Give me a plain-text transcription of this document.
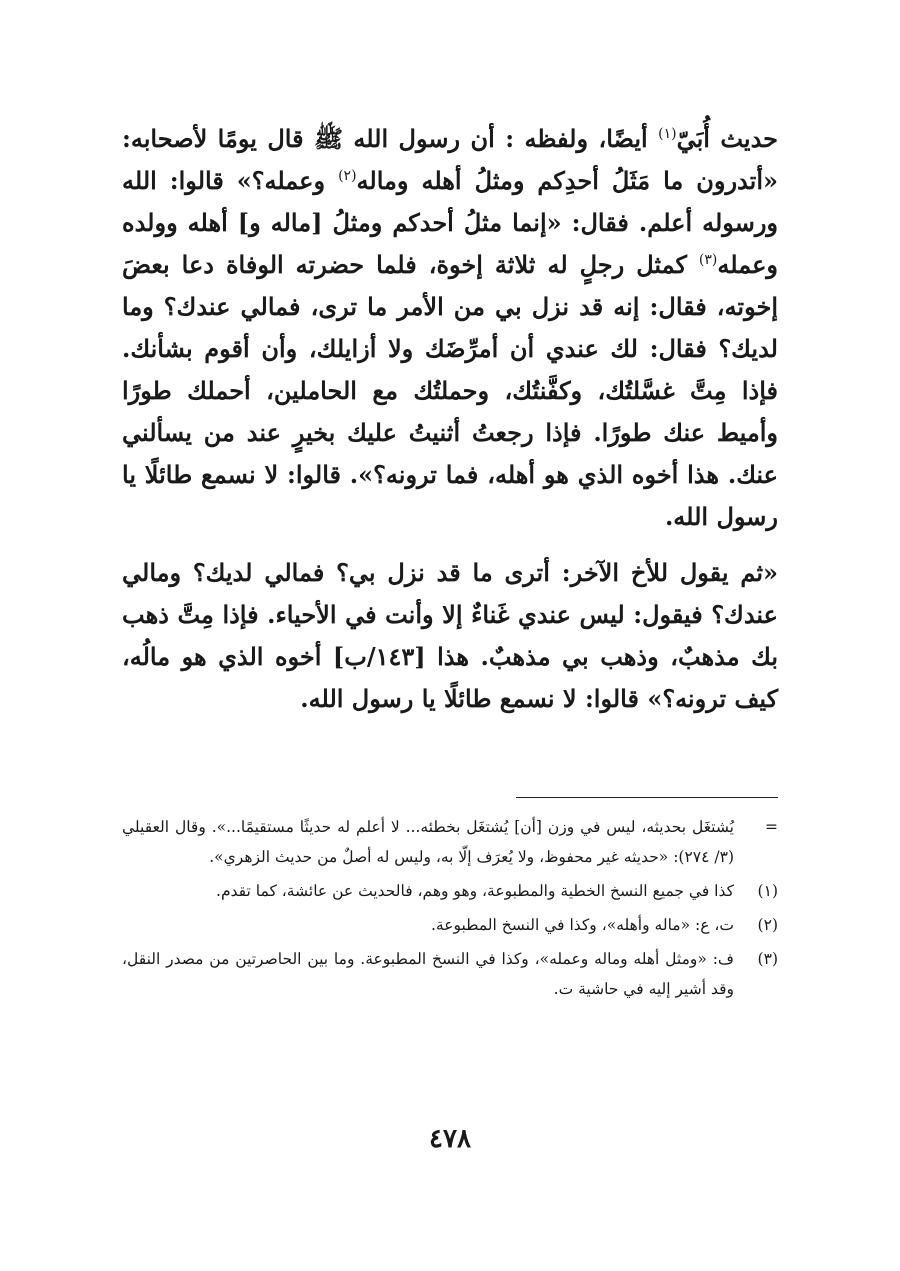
حديث أُبَيّ$^{(١)}$ أيضًا، ولفظه : أن رسول الله ﷺ قال يومًا لأصحابه: «أتدرون ما مَثَلُ أحدِكم ومثلُ أهله وماله$^{(٢)}$ وعمله؟» قالوا: الله ورسوله أعلم. فقال: «إنما مثلُ أحدكم ومثلُ [ماله و] أهله وولده وعمله$^{(٣)}$ كمثل رجلٍ له ثلاثة إخوة، فلما حضرته الوفاة دعا بعضَ إخوته، فقال: إنه قد نزل بي من الأمر ما ترى، فمالي عندك؟ وما لديك؟ فقال: لك عندي أن أمرِّضَك ولا أزايلك، وأن أقوم بشأنك. فإذا مِتَّ غسَّلتُك، وكفَّنتُك، وحملتُك مع الحاملين، أحملك طورًا وأميط عنك طورًا. فإذا رجعتُ أثنيتُ عليك بخيرٍ عند من يسألني عنك. هذا أخوه الذي هو أهله، فما ترونه؟». قالوا: لا نسمع طائلًا يا رسول الله.

«ثم يقول للأخ الآخر: أترى ما قد نزل بي؟ فمالي لديك؟ ومالي عندك؟ فيقول: ليس عندي غَناءٌ إلا وأنت في الأحياء. فإذا مِتَّ ذهب بك مذهبٌ، وذهب بي مذهبٌ. هذا [١٤٣/ب] أخوه الذي هو مالُه، كيف ترونه؟» قالوا: لا نسمع طائلًا يا رسول الله.

=
يُشتغَل بحديثه، ليس في وزن [أن] يُشتغَل بخطئه... لا أعلم له حديثًا مستقيمًا...». وقال العقيلي (٣/ ٢٧٤): «حديثه غير محفوظ، ولا يُعرَف إلّا به، وليس له أصلٌ من حديث الزهري».
(١)
كذا في جميع النسخ الخطية والمطبوعة، وهو وهم، فالحديث عن عائشة، كما تقدم.
(٢)
ت، ع: «ماله وأهله»، وكذا في النسخ المطبوعة.
(٣)
ف: «ومثل أهله وماله وعمله»، وكذا في النسخ المطبوعة. وما بين الحاصرتين من مصدر النقل، وقد أشير إليه في حاشية ت.
٤٧٨
